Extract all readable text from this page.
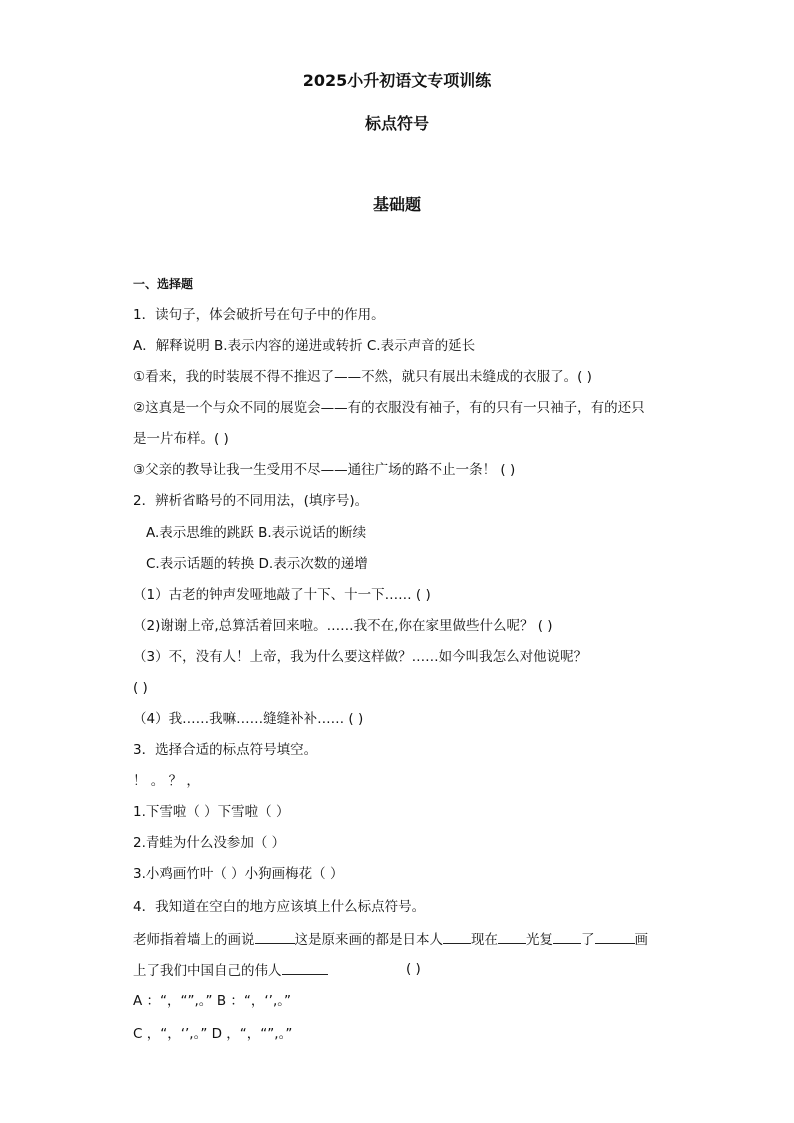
2025小升初语文专项训练
标点符号
基础题
一、选择题
1．读句子，体会破折号在句子中的作用。
A．解释说明 B.表示内容的递进或转折 C.表示声音的延长
①看来，我的时装展不得不推迟了——不然，就只有展出未缝成的衣服了。( )
②这真是一个与众不同的展览会——有的衣服没有袖子，有的只有一只袖子，有的还只
是一片布样。( )
③父亲的教导让我一生受用不尽——通往广场的路不止一条！ ( )
2．辨析省略号的不同用法，(填序号)。
A.表示思维的跳跃 B.表示说话的断续
C.表示话题的转换 D.表示次数的递增
（1）古老的钟声发哑地敲了十下、十一下…… ( )
（2)谢谢上帝,总算活着回来啦。……我不在,你在家里做些什么呢？ ( )
（3）不，没有人！上帝，我为什么要这样做？……如今叫我怎么对他说呢？
( )
（4）我……我嘛……缝缝补补…… ( )
3．选择合适的标点符号填空。
！ 。 ？ ，
1.下雪啦（ ）下雪啦（ ）
2.青蛙为什么没参加（ ）
3.小鸡画竹叶（ ）小狗画梅花（ ）
4．我知道在空白的地方应该填上什么标点符号。
老师指着墙上的画说	这是原来画的都是日本人 现在 光复 了	画
上了我们中国自己的伟人	( )
A ：“，“”,。” B ：“，‘’,。”
C ，“，‘’,。” D ，“，“”,。”
